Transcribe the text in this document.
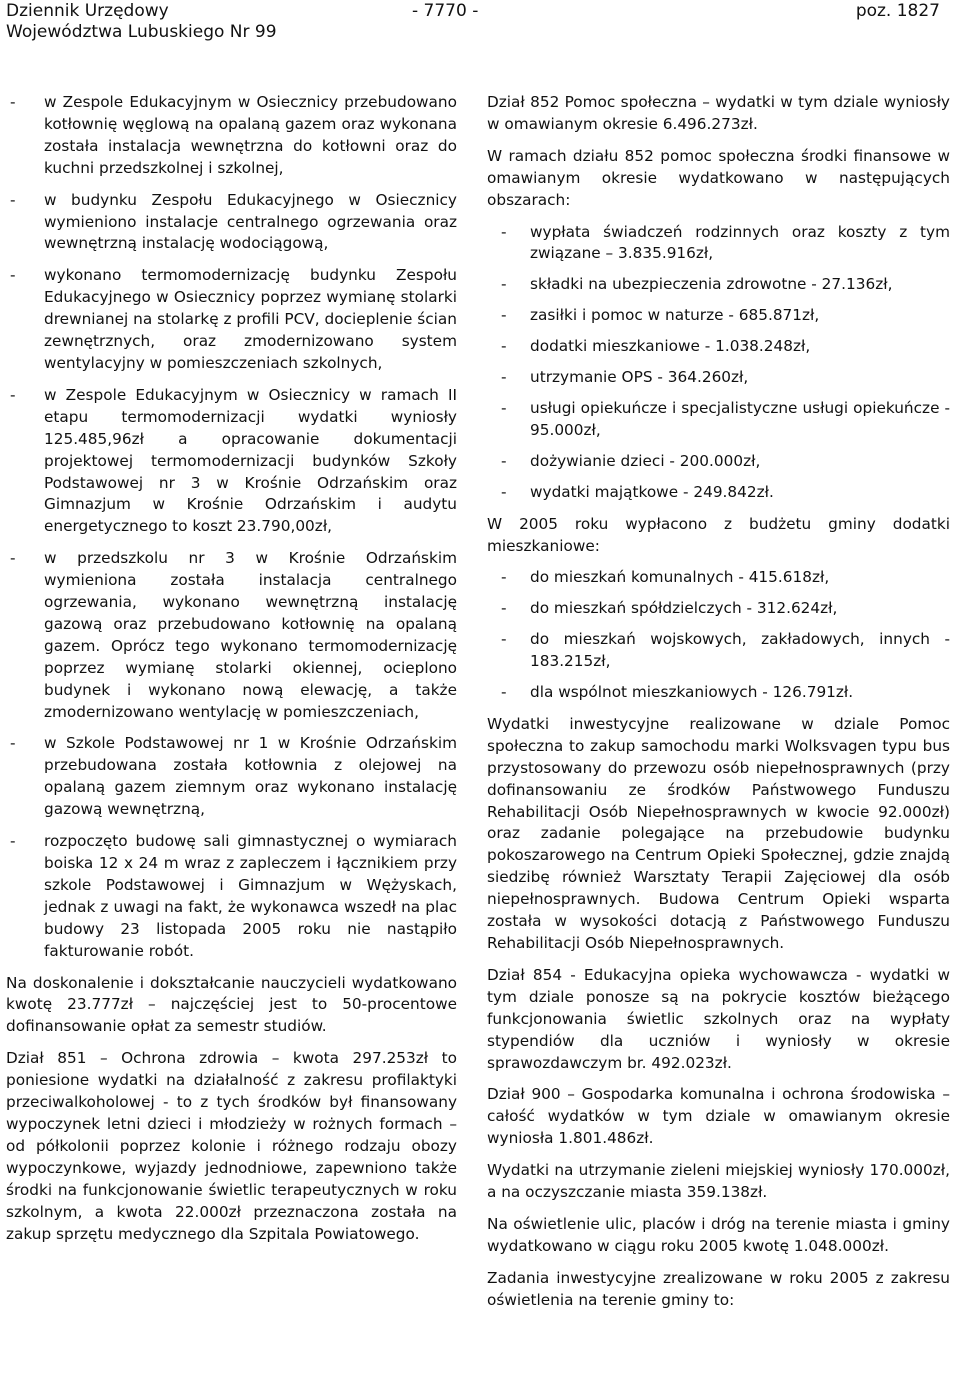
Dziennik Urzędowy
Województwa Lubuskiego Nr 99
- 7770 -	poz. 1827
- w Zespole Edukacyjnym w Osiecznicy przebudowano kotłownię węglową na opalaną gazem oraz wykonana została instalacja wewnętrzna do kotłowni oraz do kuchni przedszkolnej i szkolnej,
- w budynku Zespołu Edukacyjnego w Osiecznicy wymieniono instalacje centralnego ogrzewania oraz wewnętrzną instalację wodociągową,
- wykonano termomodernizację budynku Zespołu Edukacyjnego w Osiecznicy poprzez wymianę stolarki drewnianej na stolarkę z profili PCV, docieplenie ścian zewnętrznych, oraz zmodernizowano system wentylacyjny w pomieszczeniach szkolnych,
- w Zespole Edukacyjnym w Osiecznicy w ramach II etapu termomodernizacji wydatki wyniosły 125.485,96zł a opracowanie dokumentacji projektowej termomodernizacji budynków Szkoły Podstawowej nr 3 w Krośnie Odrzańskim oraz Gimnazjum w Krośnie Odrzańskim i audytu energetycznego to koszt 23.790,00zł,
- w przedszkolu nr 3 w Krośnie Odrzańskim wymieniona została instalacja centralnego ogrzewania, wykonano wewnętrzną instalację gazową oraz przebudowano kotłownię na opalaną gazem. Oprócz tego wykonano termomodernizację poprzez wymianę stolarki okiennej, ocieplono budynek i wykonano nową elewację, a także zmodernizowano wentylację w pomieszczeniach,
- w Szkole Podstawowej nr 1 w Krośnie Odrzańskim przebudowana została kotłownia z olejowej na opalaną gazem ziemnym oraz wykonano instalację gazową wewnętrzną,
- rozpoczęto budowę sali gimnastycznej o wymiarach boiska 12 x 24 m wraz z zapleczem i łącznikiem przy szkole Podstawowej i Gimnazjum w Wężyskach, jednak z uwagi na fakt, że wykonawca wszedł na plac budowy 23 listopada 2005 roku nie nastąpiło fakturowanie robót.

Na doskonalenie i dokształcanie nauczycieli wydatkowano kwotę 23.777zł – najczęściej jest to 50-procentowe dofinansowanie opłat za semestr studiów.

Dział 851 – Ochrona zdrowia – kwota 297.253zł to poniesione wydatki na działalność z zakresu profilaktyki przeciwalkoholowej - to z tych środków był finansowany wypoczynek letni dzieci i młodzieży w rożnych formach – od półkolonii poprzez kolonie i różnego rodzaju obozy wypoczynkowe, wyjazdy jednodniowe, zapewniono także środki na funkcjonowanie świetlic terapeutycznych w roku szkolnym, a kwota 22.000zł przeznaczona została na zakup sprzętu medycznego dla Szpitala Powiatowego.

Dział 852 Pomoc społeczna – wydatki w tym dziale wyniosły w omawianym okresie 6.496.273zł.

W ramach działu 852 pomoc społeczna środki finansowe w omawianym okresie wydatkowano w następujących obszarach:

- wypłata świadczeń rodzinnych oraz koszty z tym związane – 3.835.916zł,
- składki na ubezpieczenia zdrowotne - 27.136zł,
- zasiłki i pomoc w naturze - 685.871zł,
- dodatki mieszkaniowe - 1.038.248zł,
- utrzymanie OPS - 364.260zł,
- usługi opiekuńcze i specjalistyczne usługi opiekuńcze - 95.000zł,
- dożywianie dzieci - 200.000zł,
- wydatki majątkowe - 249.842zł.

W 2005 roku wypłacono z budżetu gminy dodatki mieszkaniowe:

- do mieszkań komunalnych - 415.618zł,
- do mieszkań spółdzielczych - 312.624zł,
- do mieszkań wojskowych, zakładowych, innych - 183.215zł,
- dla wspólnot mieszkaniowych - 126.791zł.

Wydatki inwestycyjne realizowane w dziale Pomoc społeczna to zakup samochodu marki Wolksvagen typu bus przystosowany do przewozu osób niepełnosprawnych (przy dofinansowaniu ze środków Państwowego Funduszu Rehabilitacji Osób Niepełnosprawnych w kwocie 92.000zł) oraz zadanie polegające na przebudowie budynku pokoszarowego na Centrum Opieki Społecznej, gdzie znajdą siedzibę również Warsztaty Terapii Zajęciowej dla osób niepełnosprawnych. Budowa Centrum Opieki wsparta została w wysokości dotacją z Państwowego Funduszu Rehabilitacji Osób Niepełnosprawnych.

Dział 854 - Edukacyjna opieka wychowawcza - wydatki w tym dziale ponosze są na pokrycie kosztów bieżącego funkcjonowania świetlic szkolnych oraz na wypłaty stypendiów dla uczniów i wyniosły w okresie sprawozdawczym br. 492.023zł.

Dział 900 – Gospodarka komunalna i ochrona środowiska – całość wydatków w tym dziale w omawianym okresie wyniosła 1.801.486zł.

Wydatki na utrzymanie zieleni miejskiej wyniosły 170.000zł, a na oczyszczanie miasta 359.138zł.

Na oświetlenie ulic, placów i dróg na terenie miasta i gminy wydatkowano w ciągu roku 2005 kwotę 1.048.000zł.

Zadania inwestycyjne zrealizowane w roku 2005 z zakresu oświetlenia na terenie gminy to:
